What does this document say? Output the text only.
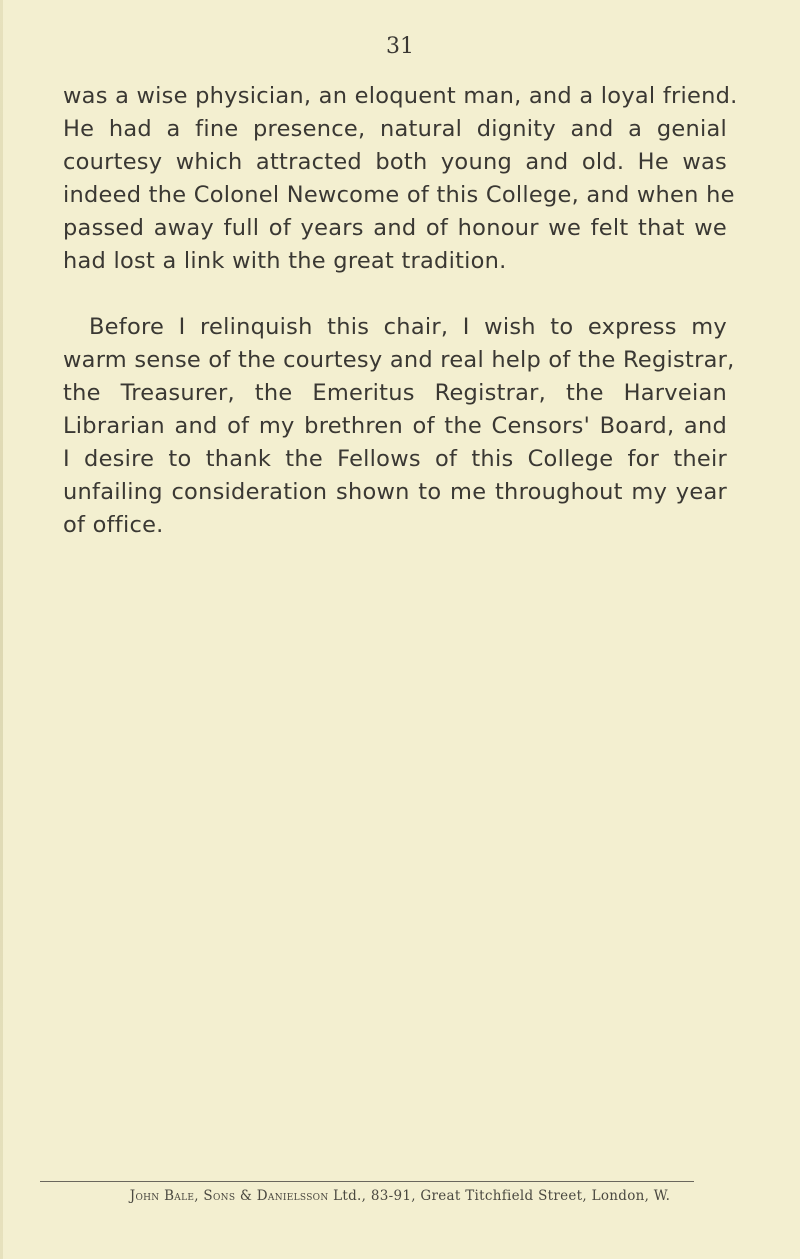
31

was a wise physician, an eloquent man, and a loyal friend.
He had a fine presence, natural dignity and a genial
courtesy which attracted both young and old. He was
indeed the Colonel Newcome of this College, and when he
passed away full of years and of honour we felt that we
had lost a link with the great tradition.

Before I relinquish this chair, I wish to express my
warm sense of the courtesy and real help of the Registrar,
the Treasurer, the Emeritus Registrar, the Harveian
Librarian and of my brethren of the Censors' Board, and
I desire to thank the Fellows of this College for their
unfailing consideration shown to me throughout my year
of office.

John Bale, Sons & Danielsson Ltd., 83-91, Great Titchfield Street, London, W.
